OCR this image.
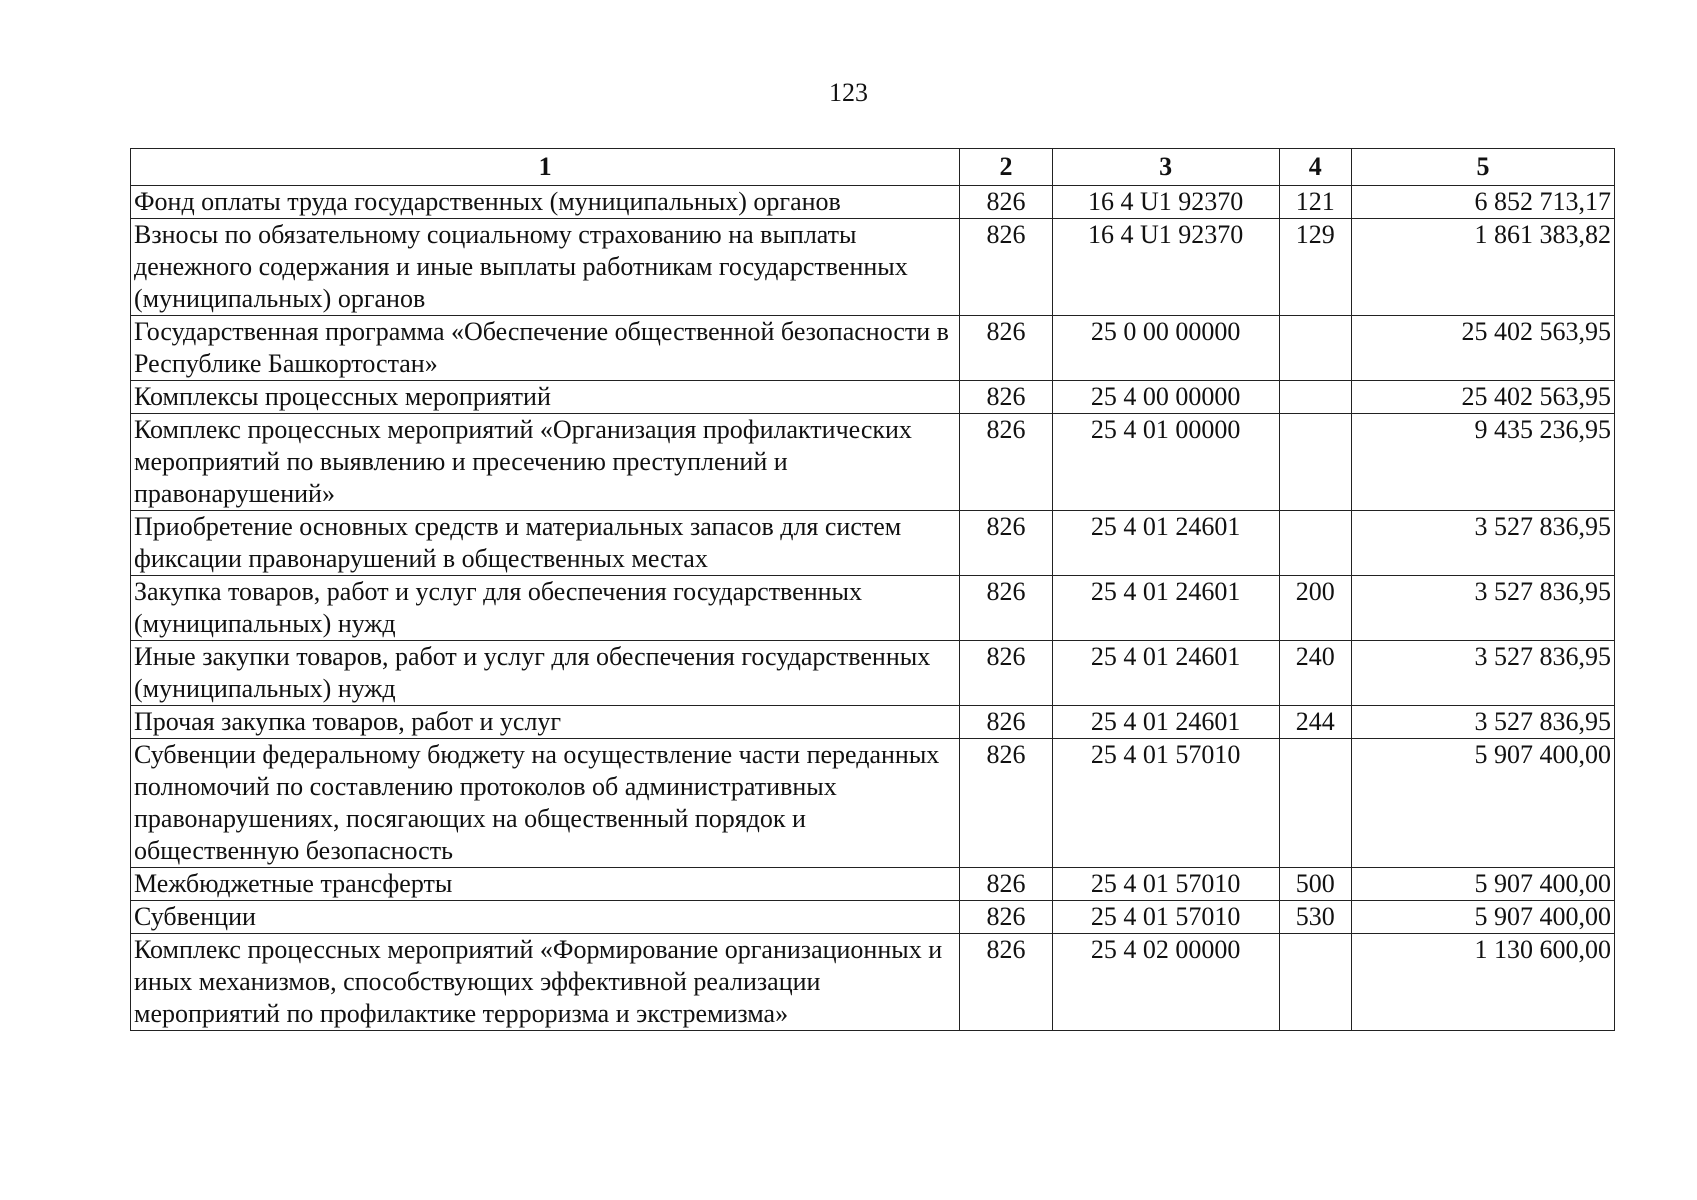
123
1	2	3	4	5
Фонд оплаты труда государственных (муниципальных) органов	826	16 4 U1 92370	121	6 852 713,17
Взносы по обязательному социальному страхованию на выплаты денежного содержания и иные выплаты работникам государственных (муниципальных) органов	826	16 4 U1 92370	129	1 861 383,82
Государственная программа «Обеспечение общественной безопасности в Республике Башкортостан»	826	25 0 00 00000		25 402 563,95
Комплексы процессных мероприятий	826	25 4 00 00000		25 402 563,95
Комплекс процессных мероприятий «Организация профилактических мероприятий по выявлению и пресечению преступлений и правонарушений»	826	25 4 01 00000		9 435 236,95
Приобретение основных средств и материальных запасов для систем фиксации правонарушений в общественных местах	826	25 4 01 24601		3 527 836,95
Закупка товаров, работ и услуг для обеспечения государственных (муниципальных) нужд	826	25 4 01 24601	200	3 527 836,95
Иные закупки товаров, работ и услуг для обеспечения государственных (муниципальных) нужд	826	25 4 01 24601	240	3 527 836,95
Прочая закупка товаров, работ и услуг	826	25 4 01 24601	244	3 527 836,95
Субвенции федеральному бюджету на осуществление части переданных полномочий по составлению протоколов об административных правонарушениях, посягающих на общественный порядок и общественную безопасность	826	25 4 01 57010		5 907 400,00
Межбюджетные трансферты	826	25 4 01 57010	500	5 907 400,00
Субвенции	826	25 4 01 57010	530	5 907 400,00
Комплекс процессных мероприятий «Формирование организационных и иных механизмов, способствующих эффективной реализации мероприятий по профилактике терроризма и экстремизма»	826	25 4 02 00000		1 130 600,00
